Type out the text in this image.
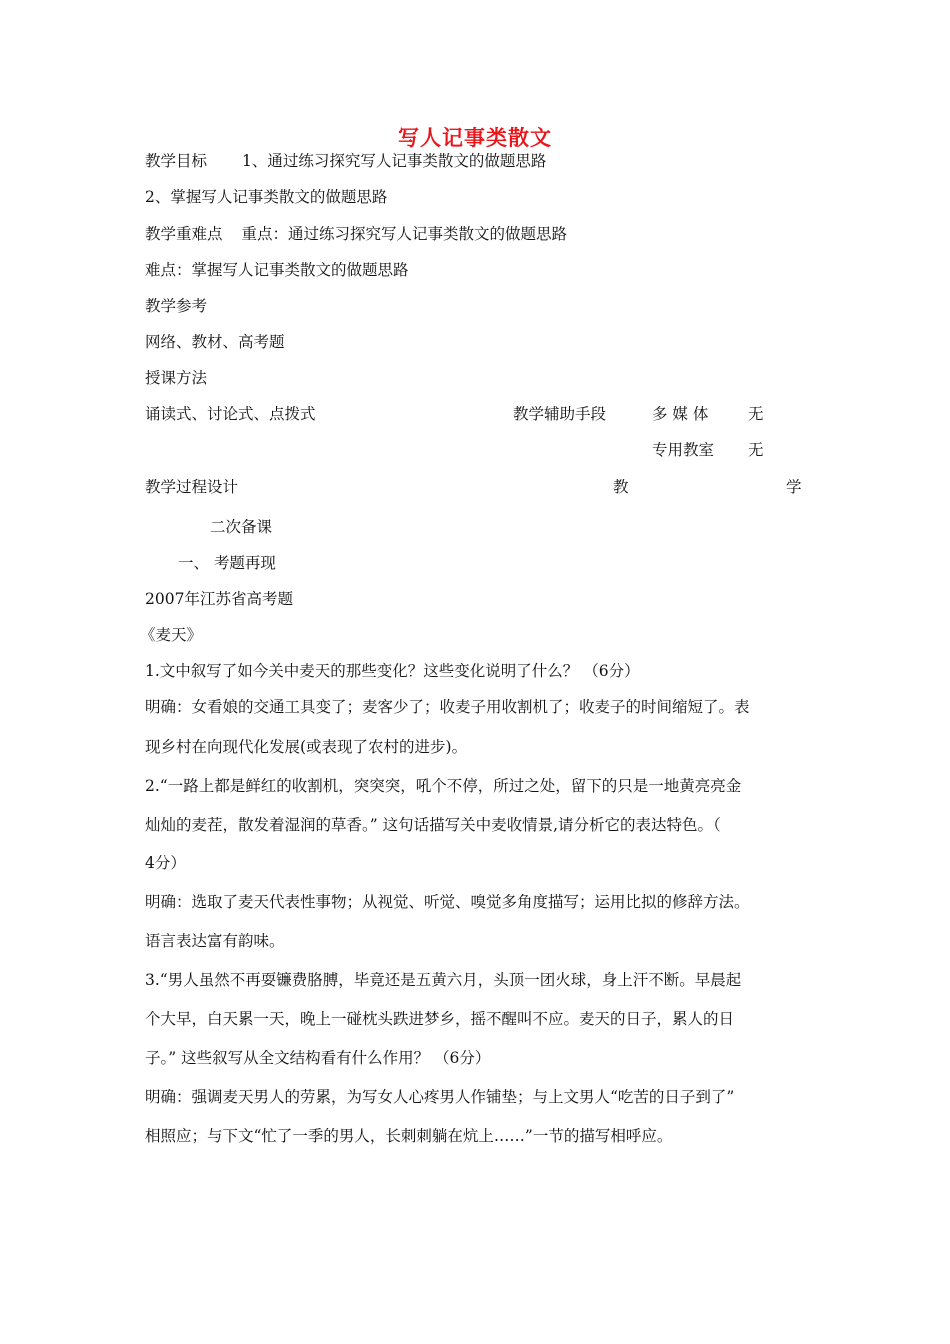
写人记事类散文
教学目标 1、通过练习探究写人记事类散文的做题思路
2、掌握写人记事类散文的做题思路
教学重难点 重点：通过练习探究写人记事类散文的做题思路
难点：掌握写人记事类散文的做题思路
教学参考
网络、教材、高考题
授课方法
诵读式、讨论式、点拨式	教学辅助手段	多 媒 体	无
专用教室 无
教学过程设计	教	学
二次备课
一、 考题再现
2007年江苏省高考题
《麦天》
1.文中叙写了如今关中麦天的那些变化？这些变化说明了什么？ （6分）
明确：女看娘的交通工具变了；麦客少了；收麦子用收割机了；收麦子的时间缩短了。表
现乡村在向现代化发展(或表现了农村的进步)。
2.“一路上都是鲜红的收割机，突突突，吼个不停，所过之处，留下的只是一地黄亮亮金
灿灿的麦茬，散发着湿润的草香。” 这句话描写关中麦收情景,请分析它的表达特色。（
4分）
明确：选取了麦天代表性事物；从视觉、听觉、嗅觉多角度描写；运用比拟的修辞方法。
语言表达富有韵味。
3.“男人虽然不再耍镰费胳膊，毕竟还是五黄六月，头顶一团火球，身上汗不断。早晨起
个大早，白天累一天，晚上一碰枕头跌进梦乡，摇不醒叫不应。麦天的日子，累人的日
子。” 这些叙写从全文结构看有什么作用？ （6分）
明确：强调麦天男人的劳累，为写女人心疼男人作铺垫；与上文男人“吃苦的日子到了”
相照应；与下文“忙了一季的男人，长刺刺躺在炕上……”一节的描写相呼应。
